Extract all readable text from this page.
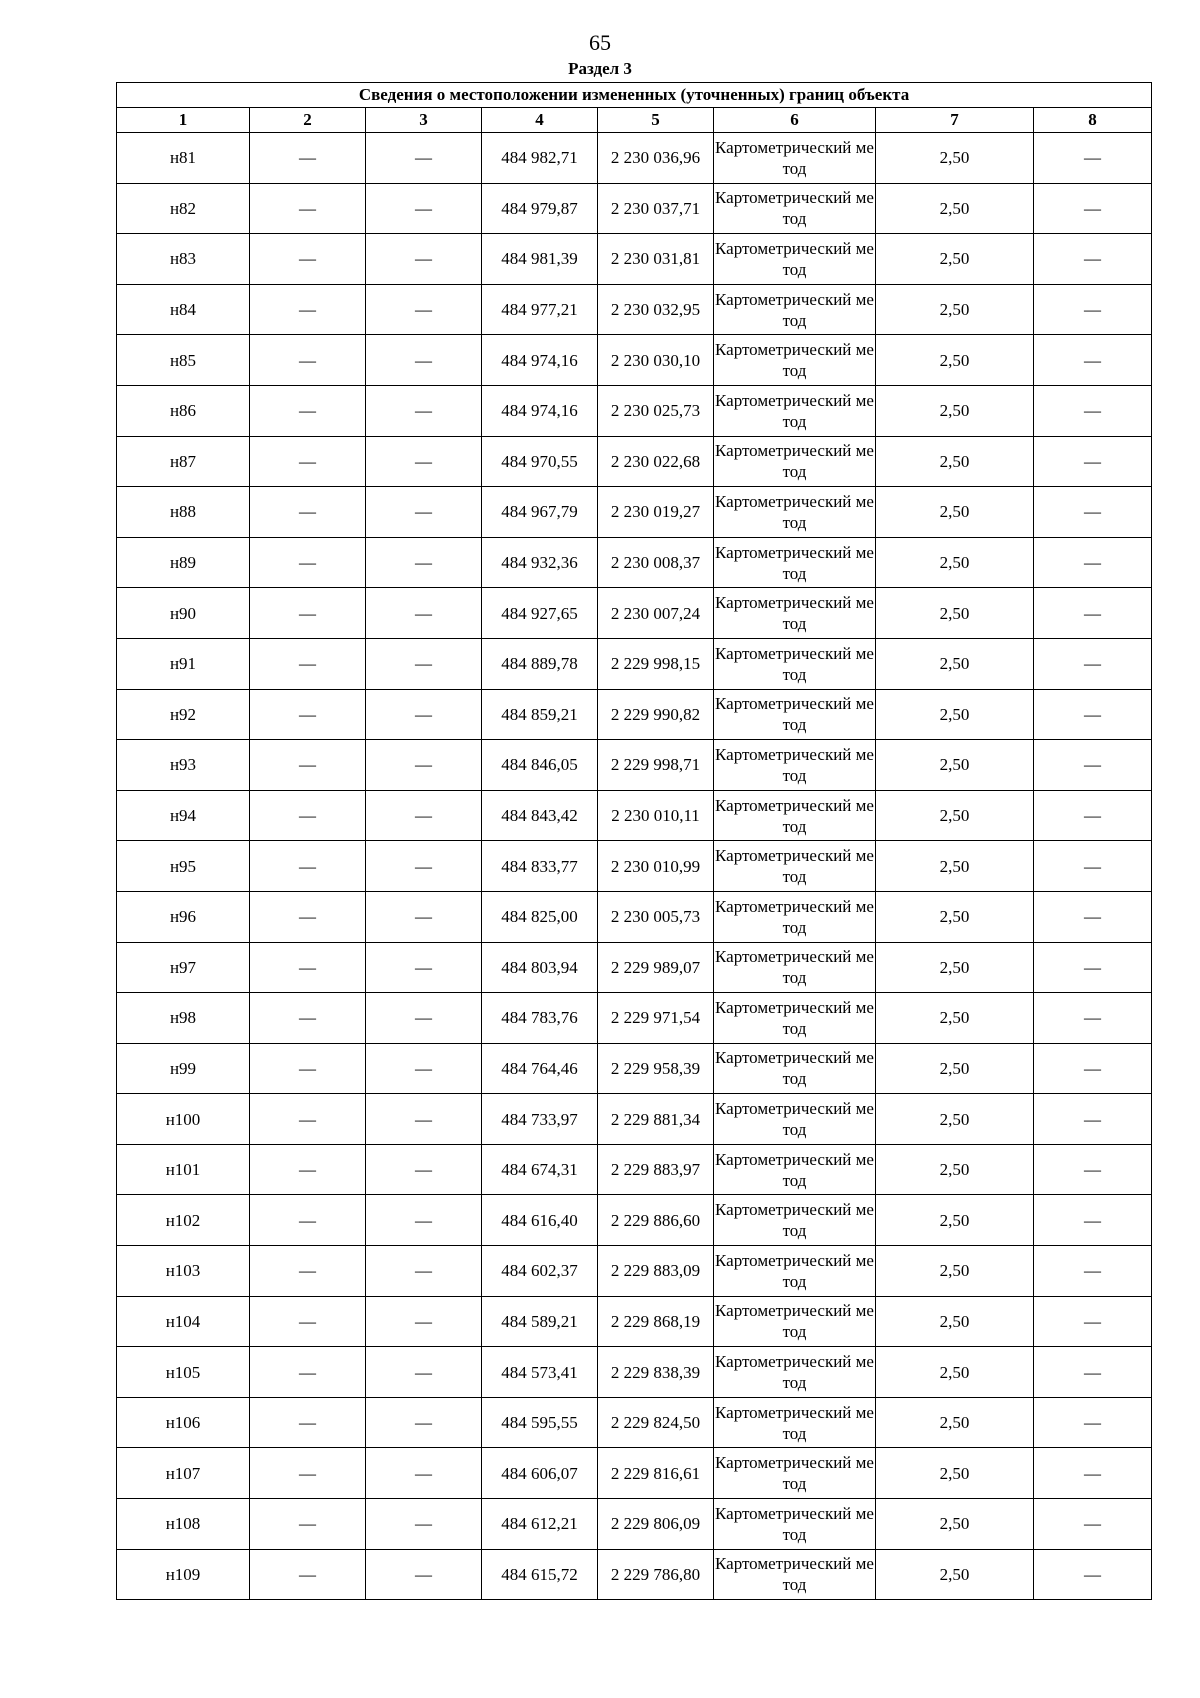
65
Раздел 3
Сведения о местоположении измененных (уточненных) границ объекта							
1	2	3	4	5	6	7	8
н81	—	—	484 982,71	2 230 036,96	Картометрический метод	2,50	—
н82	—	—	484 979,87	2 230 037,71	Картометрический метод	2,50	—
н83	—	—	484 981,39	2 230 031,81	Картометрический метод	2,50	—
н84	—	—	484 977,21	2 230 032,95	Картометрический метод	2,50	—
н85	—	—	484 974,16	2 230 030,10	Картометрический метод	2,50	—
н86	—	—	484 974,16	2 230 025,73	Картометрический метод	2,50	—
н87	—	—	484 970,55	2 230 022,68	Картометрический метод	2,50	—
н88	—	—	484 967,79	2 230 019,27	Картометрический метод	2,50	—
н89	—	—	484 932,36	2 230 008,37	Картометрический метод	2,50	—
н90	—	—	484 927,65	2 230 007,24	Картометрический метод	2,50	—
н91	—	—	484 889,78	2 229 998,15	Картометрический метод	2,50	—
н92	—	—	484 859,21	2 229 990,82	Картометрический метод	2,50	—
н93	—	—	484 846,05	2 229 998,71	Картометрический метод	2,50	—
н94	—	—	484 843,42	2 230 010,11	Картометрический метод	2,50	—
н95	—	—	484 833,77	2 230 010,99	Картометрический метод	2,50	—
н96	—	—	484 825,00	2 230 005,73	Картометрический метод	2,50	—
н97	—	—	484 803,94	2 229 989,07	Картометрический метод	2,50	—
н98	—	—	484 783,76	2 229 971,54	Картометрический метод	2,50	—
н99	—	—	484 764,46	2 229 958,39	Картометрический метод	2,50	—
н100	—	—	484 733,97	2 229 881,34	Картометрический метод	2,50	—
н101	—	—	484 674,31	2 229 883,97	Картометрический метод	2,50	—
н102	—	—	484 616,40	2 229 886,60	Картометрический метод	2,50	—
н103	—	—	484 602,37	2 229 883,09	Картометрический метод	2,50	—
н104	—	—	484 589,21	2 229 868,19	Картометрический метод	2,50	—
н105	—	—	484 573,41	2 229 838,39	Картометрический метод	2,50	—
н106	—	—	484 595,55	2 229 824,50	Картометрический метод	2,50	—
н107	—	—	484 606,07	2 229 816,61	Картометрический метод	2,50	—
н108	—	—	484 612,21	2 229 806,09	Картометрический метод	2,50	—
н109	—	—	484 615,72	2 229 786,80	Картометрический метод	2,50	—
